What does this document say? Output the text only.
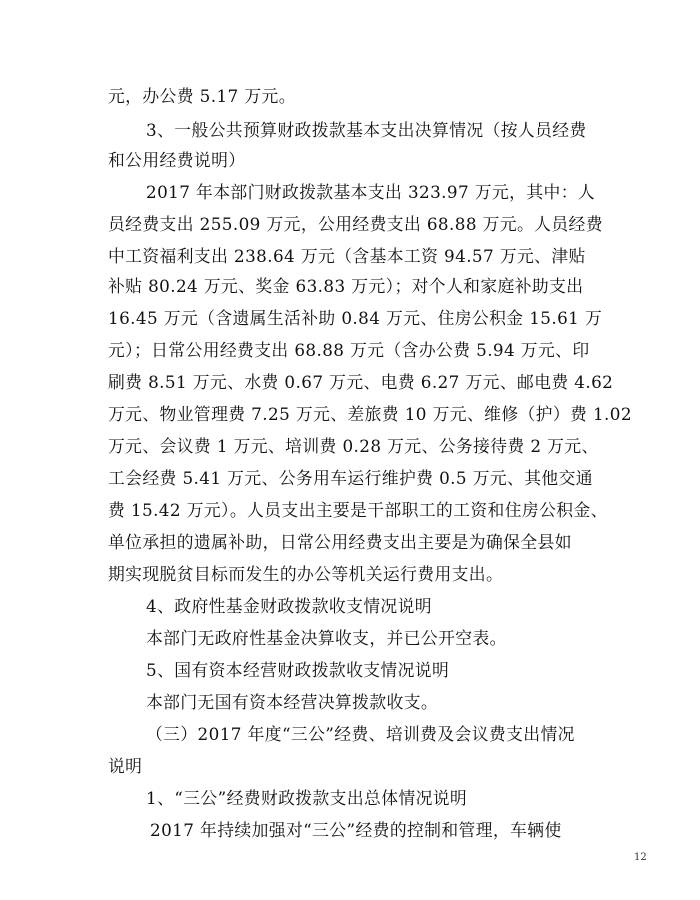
元，办公费 5.17 万元。
3、一般公共预算财政拨款基本支出决算情况（按人员经费
和公用经费说明）
2017 年本部门财政拨款基本支出 323.97 万元，其中：人
员经费支出 255.09 万元，公用经费支出 68.88 万元。人员经费
中工资福利支出 238.64 万元（含基本工资 94.57 万元、津贴
补贴 80.24 万元、奖金 63.83 万元）；对个人和家庭补助支出
16.45 万元（含遗属生活补助 0.84 万元、住房公积金 15.61 万
元）；日常公用经费支出 68.88 万元（含办公费 5.94 万元、印
刷费 8.51 万元、水费 0.67 万元、电费 6.27 万元、邮电费 4.62
万元、物业管理费 7.25 万元、差旅费 10 万元、维修（护）费 1.02
万元、会议费 1 万元、培训费 0.28 万元、公务接待费 2 万元、
工会经费 5.41 万元、公务用车运行维护费 0.5 万元、其他交通
费 15.42 万元）。人员支出主要是干部职工的工资和住房公积金、
单位承担的遗属补助，日常公用经费支出主要是为确保全县如
期实现脱贫目标而发生的办公等机关运行费用支出。
4、政府性基金财政拨款收支情况说明
本部门无政府性基金决算收支，并已公开空表。
5、国有资本经营财政拨款收支情况说明
本部门无国有资本经营决算拨款收支。
（三）2017 年度“三公”经费、培训费及会议费支出情况
说明
1、“三公”经费财政拨款支出总体情况说明
2017 年持续加强对“三公”经费的控制和管理，车辆使
12
